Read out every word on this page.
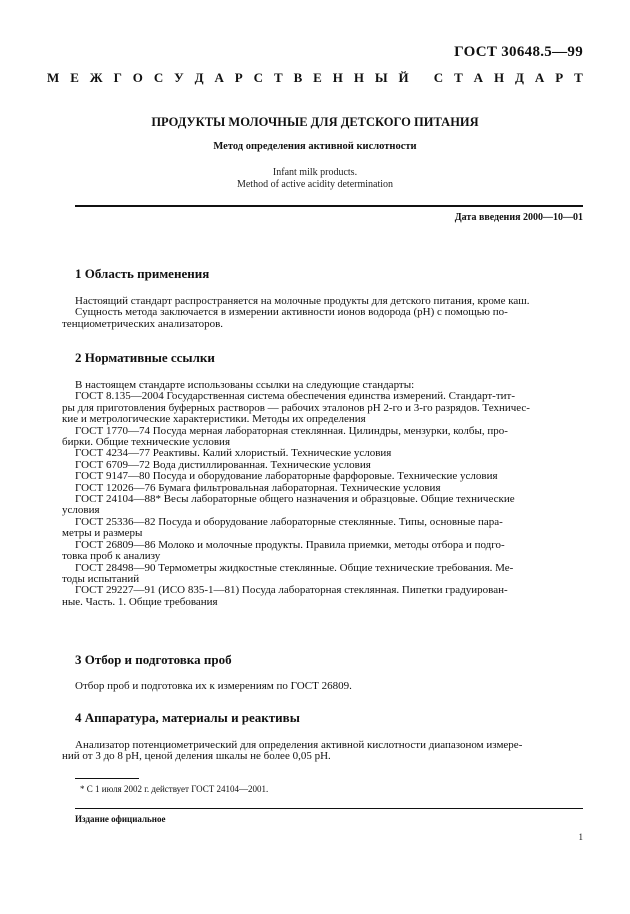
ГОСТ 30648.5—99
М Е Ж Г О С У Д А Р С Т В Е Н Н Ы Й
С Т А Н Д А Р Т
ПРОДУКТЫ МОЛОЧНЫЕ ДЛЯ ДЕТСКОГО ПИТАНИЯ
Метод определения активной кислотности
Infant milk products.
Method of active acidity determination
Дата введения 2000—10—01
1 Область применения
Настоящий стандарт распространяется на молочные продукты для детского питания, кроме каш.
Сущность метода заключается в измерении активности ионов водорода (рН) с помощью по-
тенциометрических анализаторов.
2 Нормативные ссылки
В настоящем стандарте использованы ссылки на следующие стандарты:
ГОСТ 8.135—2004 Государственная система обеспечения единства измерений. Стандарт-тит-
ры для приготовления буферных растворов — рабочих эталонов рН 2-го и 3-го разрядов. Техничес-
кие и метрологические характеристики. Методы их определения
ГОСТ 1770—74 Посуда мерная лабораторная стеклянная. Цилиндры, мензурки, колбы, про-
бирки. Общие технические условия
ГОСТ 4234—77 Реактивы. Калий хлористый. Технические условия
ГОСТ 6709—72 Вода дистиллированная. Технические условия
ГОСТ 9147—80 Посуда и оборудование лабораторные фарфоровые. Технические условия
ГОСТ 12026—76 Бумага фильтровальная лабораторная. Технические условия
ГОСТ 24104—88* Весы лабораторные общего назначения и образцовые. Общие технические
условия
ГОСТ 25336—82 Посуда и оборудование лабораторные стеклянные. Типы, основные пара-
метры и размеры
ГОСТ 26809—86 Молоко и молочные продукты. Правила приемки, методы отбора и подго-
товка проб к анализу
ГОСТ 28498—90 Термометры жидкостные стеклянные. Общие технические требования. Ме-
тоды испытаний
ГОСТ 29227—91 (ИСО 835-1—81) Посуда лабораторная стеклянная. Пипетки градуирован-
ные. Часть. 1. Общие требования
3 Отбор и подготовка проб
Отбор проб и подготовка их к измерениям по ГОСТ 26809.
4 Аппаратура, материалы и реактивы
Анализатор потенциометрический для определения активной кислотности диапазоном измере-
ний от 3 до 8 рН, ценой деления шкалы не более 0,05 рН.
* С 1 июля 2002 г. действует ГОСТ 24104—2001.
Издание официальное
1
